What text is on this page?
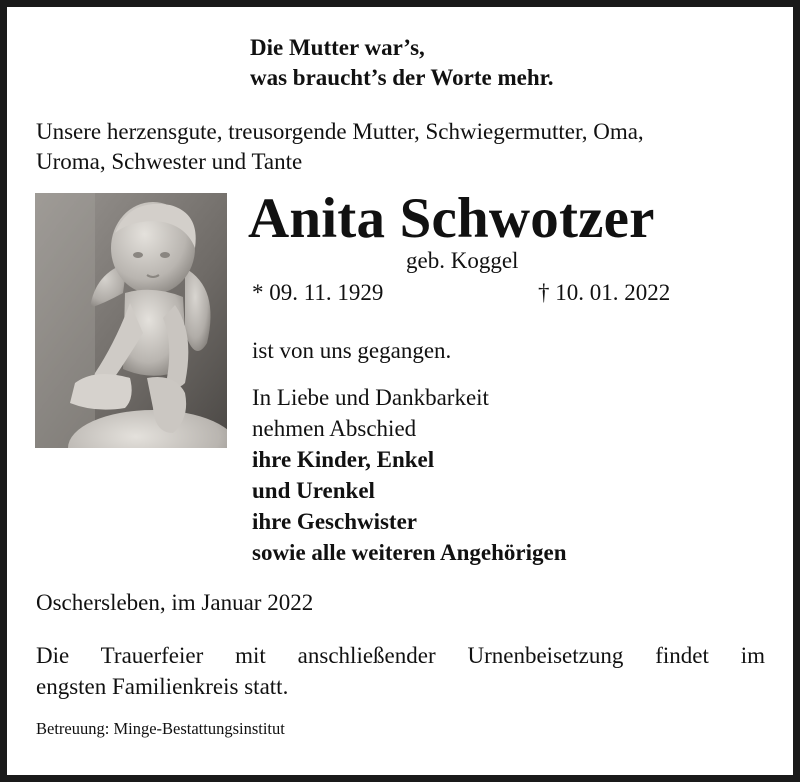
Die Mutter war’s,
was braucht’s der Worte mehr.
Unsere herzensgute, treusorgende Mutter, Schwiegermutter, Oma,
Uroma, Schwester und Tante
Anita Schwotzer
geb. Koggel
* 09. 11. 1929	† 10. 01. 2022
ist von uns gegangen.
In Liebe und Dankbarkeit
nehmen Abschied
ihre Kinder, Enkel
und Urenkel
ihre Geschwister
sowie alle weiteren Angehörigen
Oschersleben, im Januar 2022
Die Trauerfeier mit anschließender Urnenbeisetzung findet im
engsten Familienkreis statt.
Betreuung: Minge-Bestattungsinstitut
